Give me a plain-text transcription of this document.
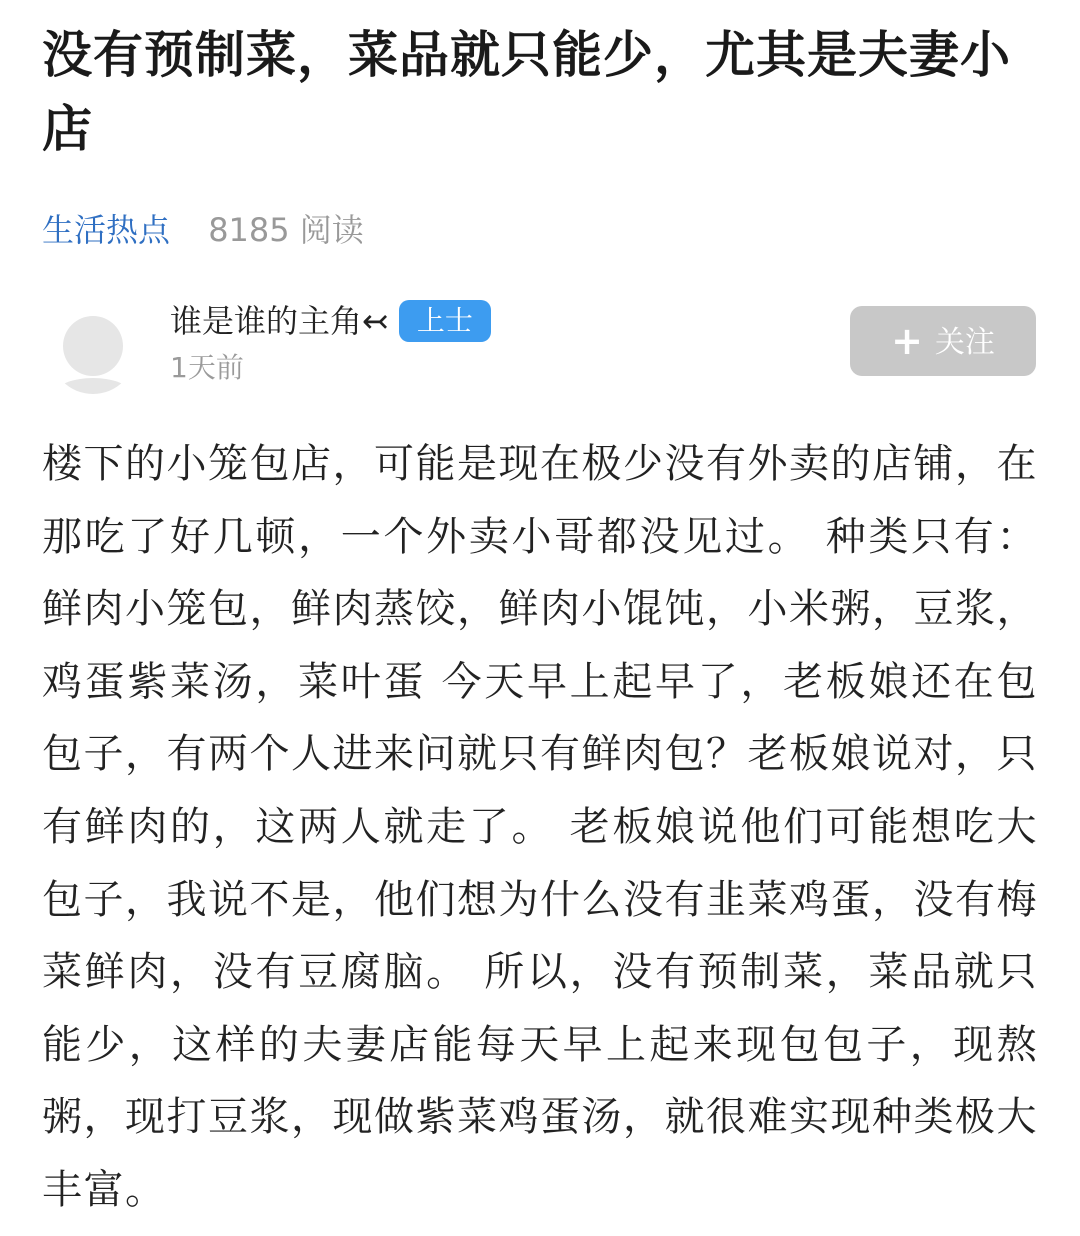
没有预制菜，菜品就只能少，尤其是夫妻小店
生活热点 8185 阅读
谁是谁的主角↢ 上士
1天前
+ 关注
楼下的小笼包店，可能是现在极少没有外卖的店铺，在那吃了好几顿，一个外卖小哥都没见过。 种类只有：鲜肉小笼包，鲜肉蒸饺，鲜肉小馄饨，小米粥，豆浆，鸡蛋紫菜汤，菜叶蛋 今天早上起早了，老板娘还在包包子，有两个人进来问就只有鲜肉包？老板娘说对，只有鲜肉的，这两人就走了。 老板娘说他们可能想吃大包子，我说不是，他们想为什么没有韭菜鸡蛋，没有梅菜鲜肉，没有豆腐脑。 所以，没有预制菜，菜品就只能少，这样的夫妻店能每天早上起来现包包子，现熬粥，现打豆浆，现做紫菜鸡蛋汤，就很难实现种类极大丰富。
